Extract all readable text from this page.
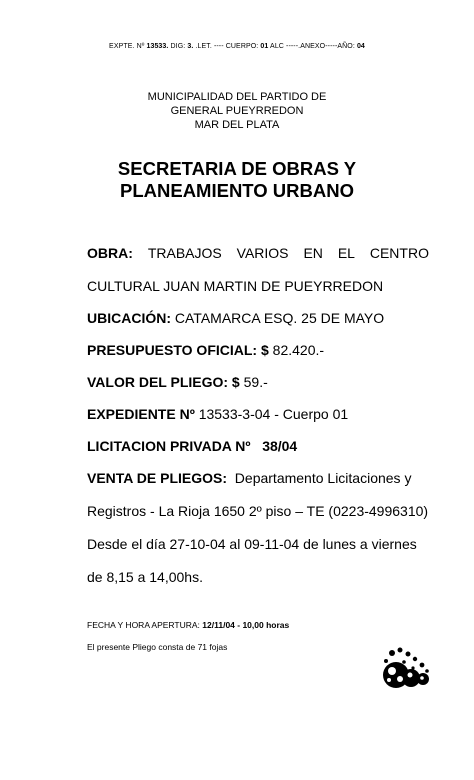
EXPTE. Nº 13533. DIG: 3. .LET. ---- CUERPO: 01 ALC -----.ANEXO-----AÑO: 04
MUNICIPALIDAD DEL PARTIDO DE
GENERAL PUEYRREDON
MAR DEL PLATA
SECRETARIA DE OBRAS Y
PLANEAMIENTO URBANO
OBRA: TRABAJOS VARIOS EN EL CENTRO
CULTURAL JUAN MARTIN DE PUEYRREDON
UBICACIÓN: CATAMARCA ESQ. 25 DE MAYO
PRESUPUESTO OFICIAL: $ 82.420.-
VALOR DEL PLIEGO: $ 59.-
EXPEDIENTE Nº 13533-3-04 - Cuerpo 01
LICITACION PRIVADA Nº 38/04
VENTA DE PLIEGOS: Departamento Licitaciones y
Registros - La Rioja 1650 2º piso – TE (0223-4996310)
Desde el día 27-10-04 al 09-11-04 de lunes a viernes
de 8,15 a 14,00hs.
FECHA Y HORA APERTURA: 12/11/04 - 10,00 horas
El presente Pliego consta de 71 fojas
